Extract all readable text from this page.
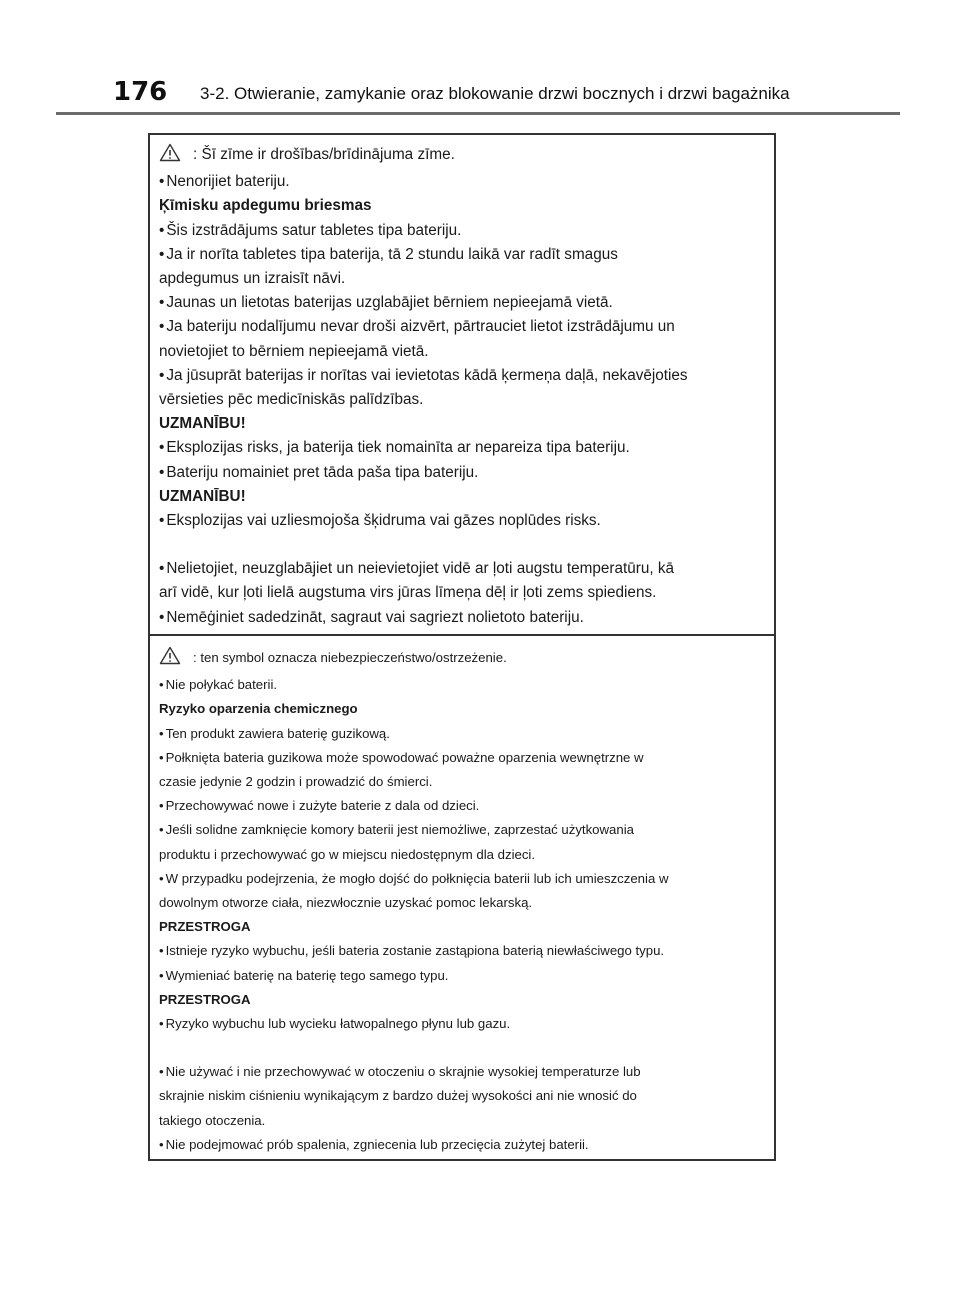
176 3-2. Otwieranie, zamykanie oraz blokowanie drzwi bocznych i drzwi bagażnika
: Šī zīme ir drošības/brīdinājuma zīme.
• Nenorijiet bateriju.
Ķīmisku apdegumu briesmas
• Šis izstrādājums satur tabletes tipa bateriju.
• Ja ir norīta tabletes tipa baterija, tā 2 stundu laikā var radīt smagus
apdegumus un izraisīt nāvi.
• Jaunas un lietotas baterijas uzglabājiet bērniem nepieejamā vietā.
• Ja bateriju nodalījumu nevar droši aizvērt, pārtrauciet lietot izstrādājumu un
novietojiet to bērniem nepieejamā vietā.
• Ja jūsuprāt baterijas ir norītas vai ievietotas kādā ķermeņa daļā, nekavējoties
vērsieties pēc medicīniskās palīdzības.
UZMANĪBU!
• Eksplozijas risks, ja baterija tiek nomainīta ar nepareiza tipa bateriju.
• Bateriju nomainiet pret tāda paša tipa bateriju.
UZMANĪBU!
• Eksplozijas vai uzliesmojoša šķidruma vai gāzes noplūdes risks.
• Nelietojiet, neuzglabājiet un neievietojiet vidē ar ļoti augstu temperatūru, kā
arī vidē, kur ļoti lielā augstuma virs jūras līmeņa dēļ ir ļoti zems spiediens.
• Nemēģiniet sadedzināt, sagraut vai sagriezt nolietoto bateriju.
: ten symbol oznacza niebezpieczeństwo/ostrzeżenie.
• Nie połykać baterii.
Ryzyko oparzenia chemicznego
• Ten produkt zawiera baterię guzikową.
• Połknięta bateria guzikowa może spowodować poważne oparzenia wewnętrzne w
czasie jedynie 2 godzin i prowadzić do śmierci.
• Przechowywać nowe i zużyte baterie z dala od dzieci.
• Jeśli solidne zamknięcie komory baterii jest niemożliwe, zaprzestać użytkowania
produktu i przechowywać go w miejscu niedostępnym dla dzieci.
• W przypadku podejrzenia, że mogło dojść do połknięcia baterii lub ich umieszczenia w
dowolnym otworze ciała, niezwłocznie uzyskać pomoc lekarską.
PRZESTROGA
• Istnieje ryzyko wybuchu, jeśli bateria zostanie zastąpiona baterią niewłaściwego typu.
• Wymieniać baterię na baterię tego samego typu.
PRZESTROGA
• Ryzyko wybuchu lub wycieku łatwopalnego płynu lub gazu.
• Nie używać i nie przechowywać w otoczeniu o skrajnie wysokiej temperaturze lub
skrajnie niskim ciśnieniu wynikającym z bardzo dużej wysokości ani nie wnosić do
takiego otoczenia.
• Nie podejmować prób spalenia, zgniecenia lub przecięcia zużytej baterii.
